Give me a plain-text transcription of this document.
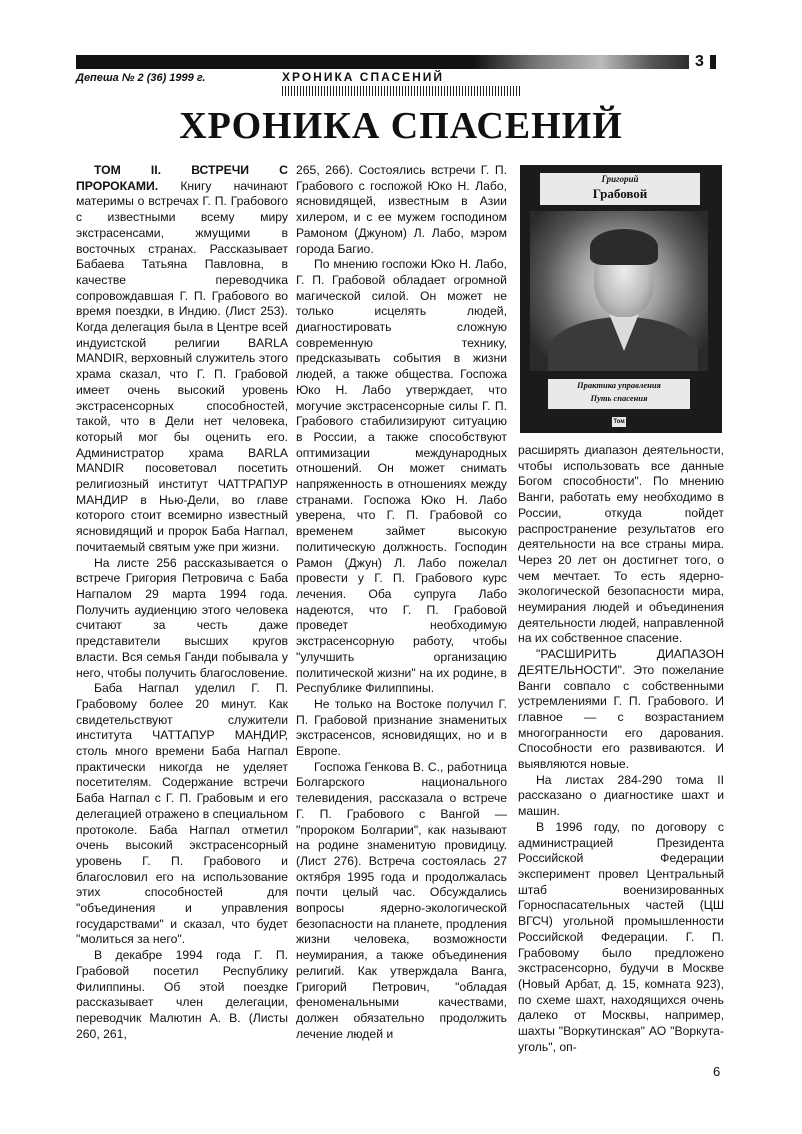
3
Депеша № 2 (36) 1999 г.	ХРОНИКА СПАСЕНИЙ
ХРОНИКА СПАСЕНИЙ

ТОМ II. ВСТРЕЧИ С ПРОРОКАМИ. Книгу начинают материмы о встречах Г. П. Грабового с известными всему миру экстрасенсами, жмущими в восточных странах. Рассказывает Бабаева Татьяна Павловна, в качестве переводчика сопровождавшая Г. П. Грабового во время поездки, в Индию. (Лист 253). Когда делегация была в Центре всей индуистской религии BARLA MANDIR, верховный служитель этого храма сказал, что Г. П. Грабовой имеет очень высокий уровень экстрасенсорных способностей, такой, что в Дели нет человека, который мог бы оценить его. Администратор храма BARLA MANDIR посоветовал посетить религиозный институт ЧАТТРАПУР МАНДИР в Нью-Дели, во главе которого стоит всемирно известный ясновидящий и пророк Баба Нагпал, почитаемый святым уже при жизни.

На листе 256 рассказывается о встрече Григория Петровича с Баба Нагпалом 29 марта 1994 года. Получить аудиенцию этого человека считают за честь даже представители высших кругов власти. Вся семья Ганди побывала у него, чтобы получить благословение.

Баба Нагпал уделил Г. П. Грабовому более 20 минут. Как свидетельствуют служители института ЧАТТАПУР МАНДИР, столь много времени Баба Нагпал практически никогда не уделяет посетителям. Содержание встречи Баба Нагпал с Г. П. Грабовым и его делегацией отражено в специальном протоколе. Баба Нагпал отметил очень высокий экстрасенсорный уровень Г. П. Грабового и благословил его на использование этих способностей для "объединения и управления государствами" и сказал, что будет "молиться за него".

В декабре 1994 года Г. П. Грабовой посетил Республику Филиппины. Об этой поездке рассказывает член делегации, переводчик Малютин А. В. (Листы 260, 261,

265, 266). Состоялись встречи Г. П. Грабового с госпожой Юко Н. Лабо, ясновидящей, известным в Азии хилером, и с ее мужем господином Рамоном (Джуном) Л. Лабо, мэром города Багио.

По мнению госпожи Юко Н. Лабо, Г. П. Грабовой обладает огромной магической силой. Он может не только исцелять людей, диагностировать сложную современную технику, предсказывать события в жизни людей, а также общества. Госпожа Юко Н. Лабо утверждает, что могучие экстрасенсорные силы Г. П. Грабового стабилизируют ситуацию в России, а также способствуют оптимизации международных отношений. Он может снимать напряженность в отношениях между странами. Госпожа Юко Н. Лабо уверена, что Г. П. Грабовой со временем займет высокую политическую должность. Господин Рамон (Джун) Л. Лабо пожелал провести у Г. П. Грабового курс лечения. Оба супруга Лабо надеются, что Г. П. Грабовой проведет необходимую экстрасенсорную работу, чтобы "улучшить организацию политической жизни" на их родине, в Республике Филиппины.

Не только на Востоке получил Г. П. Грабовой признание знаменитых экстрасенсов, ясновидящих, но и в Европе.

Госпожа Генкова В. С., работница Болгарского национального телевидения, рассказала о встрече Г. П. Грабового с Вангой — "пророком Болгарии", как называют на родине знаменитую провидицу. (Лист 276). Встреча состоялась 27 октября 1995 года и продолжалась почти целый час. Обсуждались вопросы ядерно-экологической безопасности на планете, продления жизни человека, возможности неумирания, а также объединения религий. Как утверждала Ванга, Григорий Петрович, "обладая феноменальными качествами, должен обязательно продолжить лечение людей и

Григорий
Грабовой
Практика управления
Путь спасения
Том 2

расширять диапазон деятельности, чтобы использовать все данные Богом способности". По мнению Ванги, работать ему необходимо в России, откуда пойдет распространение результатов его деятельности на все страны мира. Через 20 лет он достигнет того, о чем мечтает. То есть ядерно-экологической безопасности мира, неумирания людей и объединения деятельности людей, направленной на их собственное спасение.

"РАСШИРИТЬ ДИАПАЗОН ДЕЯТЕЛЬНОСТИ". Это пожелание Ванги совпало с собственными устремлениями Г. П. Грабового. И главное — с возрастанием многогранности его дарования. Способности его развиваются. И выявляются новые.

На листах 284-290 тома II рассказано о диагностике шахт и машин.

В 1996 году, по договору с администрацией Президента Российской Федерации эксперимент провел Центральный штаб военизированных Горноспасательных частей (ЦШ ВГСЧ) угольной промышленности Российской Федерации. Г. П. Грабовому было предложено экстрасенсорно, будучи в Москве (Новый Арбат, д. 15, комната 923), по схеме шахт, находящихся очень далеко от Москвы, например, шахты "Воркутинская" АО "Воркута-уголь", оп-

6
